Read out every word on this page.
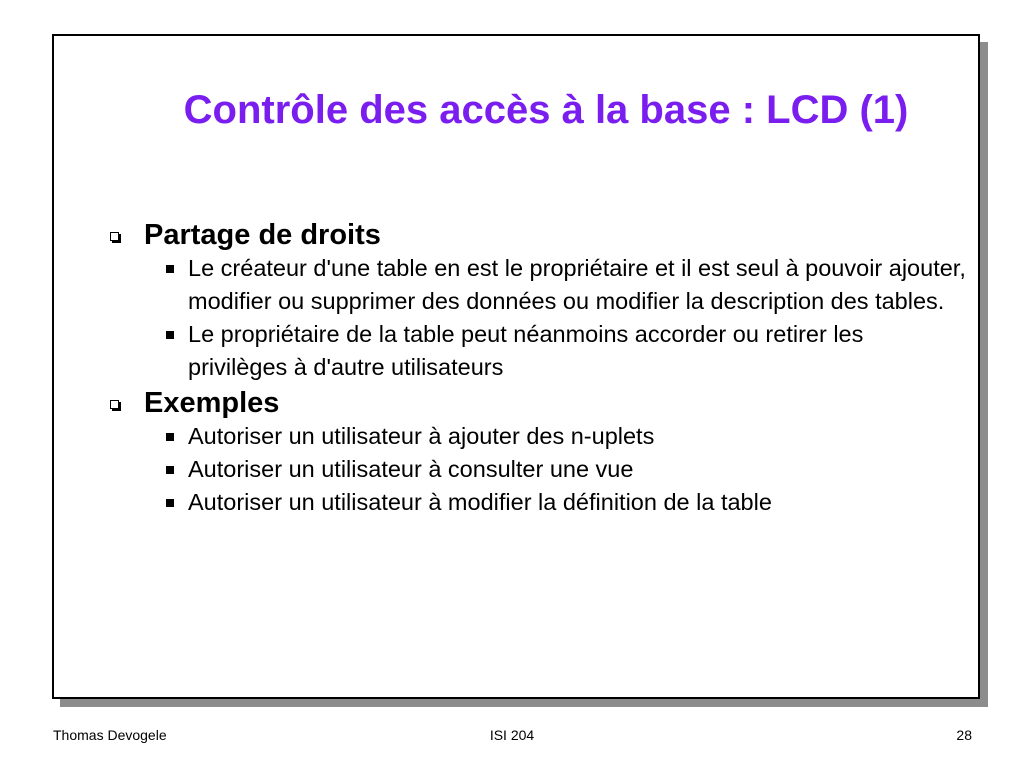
Contrôle des accès à la base : LCD (1)
Partage de droits
Le créateur d'une table en est le propriétaire et il est seul à pouvoir ajouter, modifier ou supprimer des données ou modifier la description des tables.
Le propriétaire de la table peut néanmoins accorder ou retirer les privilèges à d'autre utilisateurs
Exemples
Autoriser un utilisateur à ajouter des n-uplets
Autoriser un utilisateur à consulter une vue
Autoriser un utilisateur à modifier la définition de la table
Thomas Devogele	ISI 204	28
